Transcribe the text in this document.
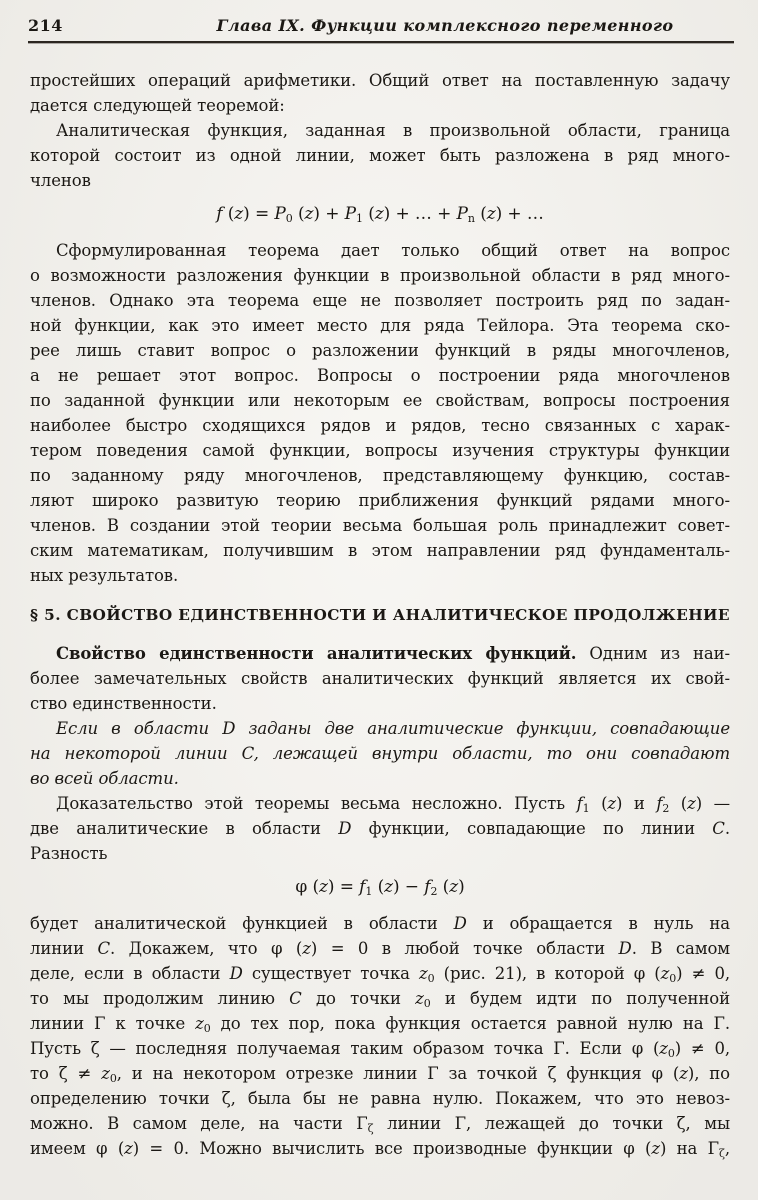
214	Глава IX. Функции комплексного переменного
простейших операций арифметики. Общий ответ на поставленную задачу
дается следующей теоремой:
Аналитическая функция, заданная в произвольной области, граница
которой состоит из одной линии, может быть разложена в ряд много-
членов
f $(z) = P_0$ $(z) + P_1$ (z) + … + $P_n$ (z) + …
Сформулированная теорема дает только общий ответ на вопрос
о возможности разложения функции в произвольной области в ряд много-
членов. Однако эта теорема еще не позволяет построить ряд по задан-
ной функции, как это имеет место для ряда Тейлора. Эта теорема ско-
рее лишь ставит вопрос о разложении функций в ряды многочленов,
а не решает этот вопрос. Вопросы о построении ряда многочленов
по заданной функции или некоторым ее свойствам, вопросы построения
наиболее быстро сходящихся рядов и рядов, тесно связанных с харак-
тером поведения самой функции, вопросы изучения структуры функции
по заданному ряду многочленов, представляющему функцию, состав-
ляют широко развитую теорию приближения функций рядами много-
членов. В создании этой теории весьма большая роль принадлежит совет-
ским математикам, получившим в этом направлении ряд фундаменталь-
ных результатов.
§ 5. СВОЙСТВО ЕДИНСТВЕННОСТИ И АНАЛИТИЧЕСКОЕ ПРОДОЛЖЕНИЕ
Свойство единственности аналитических функций. Одним из наи-
более замечательных свойств аналитических функций является их свой-
ство единственности.
Если в области D заданы две аналитические функции, совпадающие
на некоторой линии C, лежащей внутри области, то они совпадают
во всей области.
Доказательство этой теоремы весьма несложно. Пусть $f_1$ (z) и $f_2$ (z) —
две аналитические в области D функции, совпадающие по линии C.
Разность
φ $(z) = f_1$ $(z) - f_2$ (z)
будет аналитической функцией в области D и обращается в нуль на
линии C. Докажем, что φ (z) = 0 в любой точке области D. В самом
деле, если в области D существует точка $z_0$ (рис. 21), в которой φ $(z_0) \ne 0$,
то мы продолжим линию C до точки $z_0$ и будем идти по полученной
линии Γ к точке $z_0$ до тех пор, пока функция остается равной нулю на Γ.
Пусть ζ — последняя получаемая таким образом точка Γ. Если φ $(z_0) \ne 0$,
то $\zeta \ne z_0$, и на некотором отрезке линии Γ за точкой ζ функция φ (z), по
определению точки ζ, была бы не равна нулю. Покажем, что это невоз-
можно. В самом деле, на части $\Gamma_\zeta$ линии Γ, лежащей до точки ζ, мы
имеем φ (z) = 0. Можно вычислить все производные функции φ (z) на $\Gamma_\zeta$,
